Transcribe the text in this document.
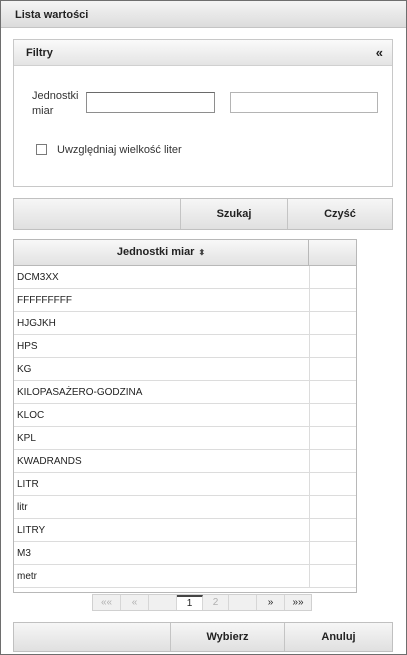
Lista wartości
Filtry	«
Jednostki miar
Uwzględniaj wielkość liter
Szukaj	Czyść
Jednostki miar ⬍
DCM3XX
FFFFFFFFF
HJGJKH
HPS
KG
KILOPASAŻERO-GODZINA
KLOC
KPL
KWADRANDS
LITR
litr
LITRY
M3
metr
««	«	1	2	»	»»
Wybierz	Anuluj
